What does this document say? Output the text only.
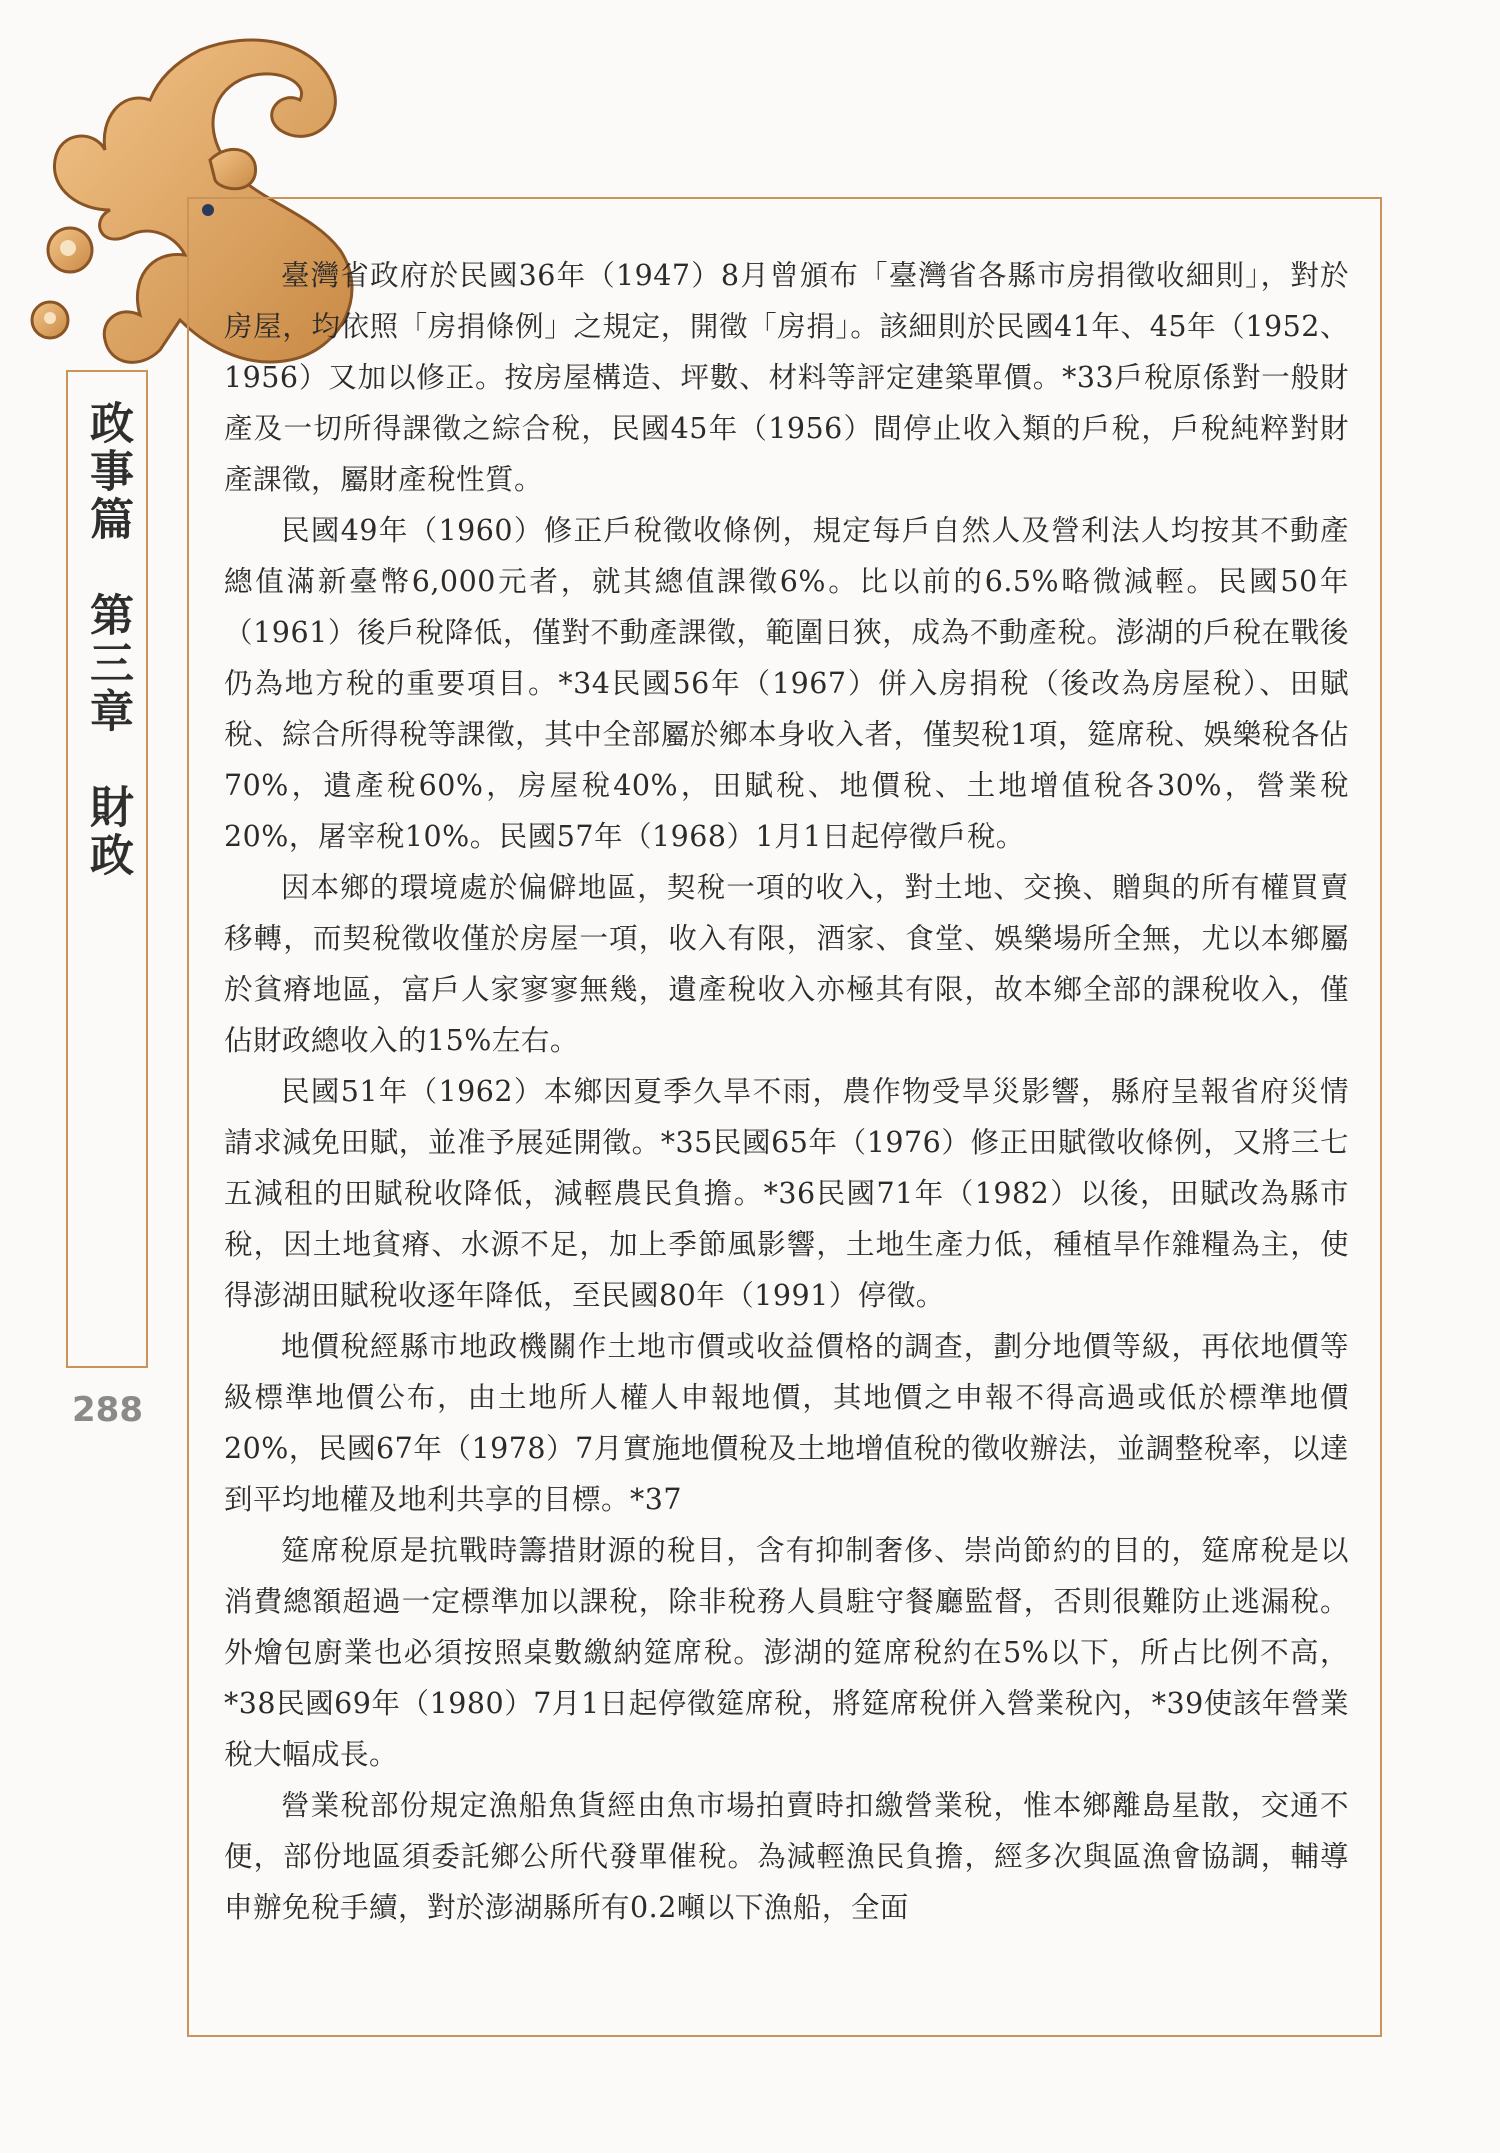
政事篇　第三章　財政
288

臺灣省政府於民國36年（1947）8月曾頒布「臺灣省各縣市房捐徵收細則」，對於房屋，均依照「房捐條例」之規定，開徵「房捐」。該細則於民國41年、45年（1952、1956）又加以修正。按房屋構造、坪數、材料等評定建築單價。*33戶稅原係對一般財產及一切所得課徵之綜合稅，民國45年（1956）間停止收入類的戶稅，戶稅純粹對財產課徵，屬財產稅性質。

民國49年（1960）修正戶稅徵收條例，規定每戶自然人及營利法人均按其不動產總值滿新臺幣6,000元者，就其總值課徵6%。比以前的6.5%略微減輕。民國50年（1961）後戶稅降低，僅對不動產課徵，範圍日狹，成為不動產稅。澎湖的戶稅在戰後仍為地方稅的重要項目。*34民國56年（1967）併入房捐稅（後改為房屋稅）、田賦稅、綜合所得稅等課徵，其中全部屬於鄉本身收入者，僅契稅1項，筵席稅、娛樂稅各佔70%，遺產稅60%，房屋稅40%，田賦稅、地價稅、土地增值稅各30%，營業稅20%，屠宰稅10%。民國57年（1968）1月1日起停徵戶稅。

因本鄉的環境處於偏僻地區，契稅一項的收入，對土地、交換、贈與的所有權買賣移轉，而契稅徵收僅於房屋一項，收入有限，酒家、食堂、娛樂場所全無，尤以本鄉屬於貧瘠地區，富戶人家寥寥無幾，遺產稅收入亦極其有限，故本鄉全部的課稅收入，僅佔財政總收入的15%左右。

民國51年（1962）本鄉因夏季久旱不雨，農作物受旱災影響，縣府呈報省府災情請求減免田賦，並准予展延開徵。*35民國65年（1976）修正田賦徵收條例，又將三七五減租的田賦稅收降低，減輕農民負擔。*36民國71年（1982）以後，田賦改為縣市稅，因土地貧瘠、水源不足，加上季節風影響，土地生產力低，種植旱作雜糧為主，使得澎湖田賦稅收逐年降低，至民國80年（1991）停徵。

地價稅經縣市地政機關作土地市價或收益價格的調查，劃分地價等級，再依地價等級標準地價公布，由土地所人權人申報地價，其地價之申報不得高過或低於標準地價20%，民國67年（1978）7月實施地價稅及土地增值稅的徵收辦法，並調整稅率，以達到平均地權及地利共享的目標。*37

筵席稅原是抗戰時籌措財源的稅目，含有抑制奢侈、崇尚節約的目的，筵席稅是以消費總額超過一定標準加以課稅，除非稅務人員駐守餐廳監督，否則很難防止逃漏稅。外燴包廚業也必須按照桌數繳納筵席稅。澎湖的筵席稅約在5%以下，所占比例不高，*38民國69年（1980）7月1日起停徵筵席稅，將筵席稅併入營業稅內，*39使該年營業稅大幅成長。

營業稅部份規定漁船魚貨經由魚市場拍賣時扣繳營業稅，惟本鄉離島星散，交通不便，部份地區須委託鄉公所代發單催稅。為減輕漁民負擔，經多次與區漁會協調，輔導申辦免稅手續，對於澎湖縣所有0.2噸以下漁船，全面
